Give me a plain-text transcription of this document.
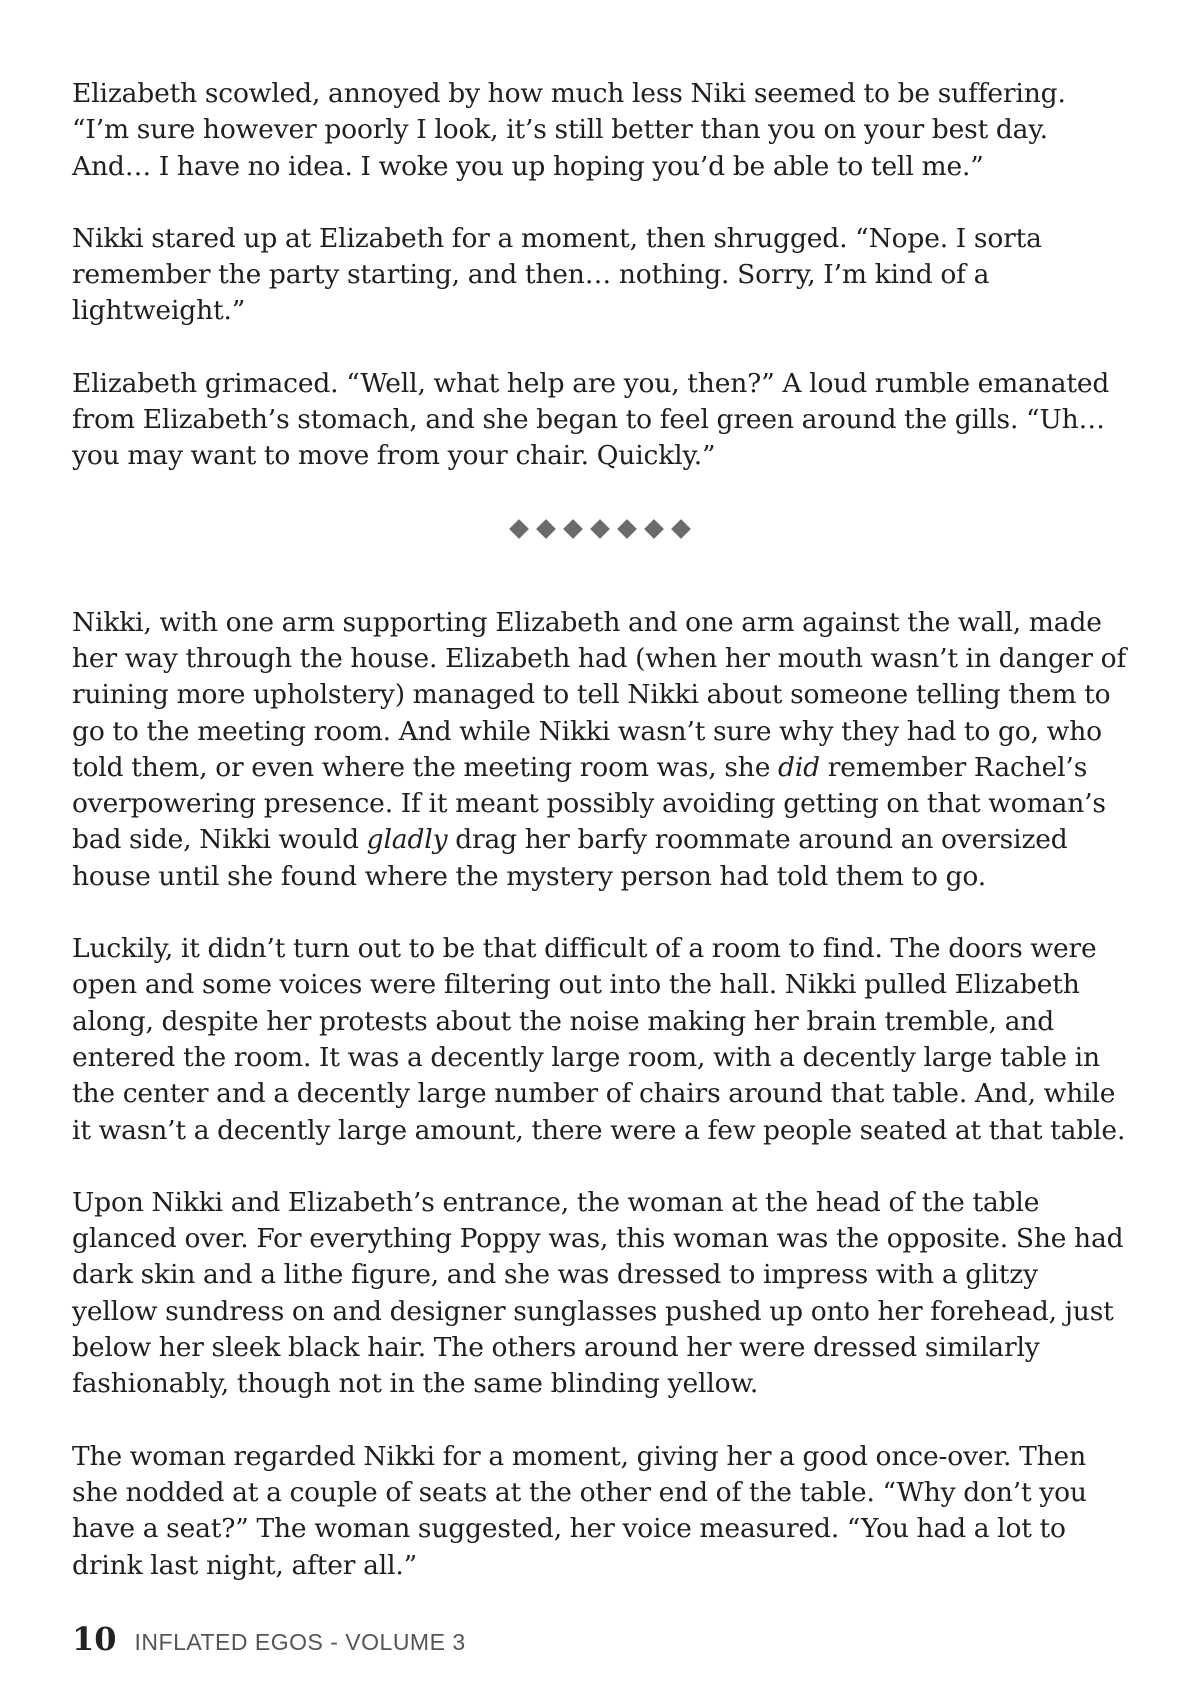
Elizabeth scowled, annoyed by how much less Niki seemed to be suffering. “I’m sure however poorly I look, it’s still better than you on your best day. And… I have no idea. I woke you up hoping you’d be able to tell me.”

Nikki stared up at Elizabeth for a moment, then shrugged. “Nope. I sorta remember the party starting, and then… nothing. Sorry, I’m kind of a lightweight.”

Elizabeth grimaced. “Well, what help are you, then?” A loud rumble emanated from Elizabeth’s stomach, and she began to feel green around the gills. “Uh… you may want to move from your chair. Quickly.”

Nikki, with one arm supporting Elizabeth and one arm against the wall, made her way through the house. Elizabeth had (when her mouth wasn’t in danger of ruining more upholstery) managed to tell Nikki about someone telling them to go to the meeting room. And while Nikki wasn’t sure why they had to go, who told them, or even where the meeting room was, she did remember Rachel’s overpowering presence. If it meant possibly avoiding getting on that woman’s bad side, Nikki would gladly drag her barfy roommate around an oversized house until she found where the mystery person had told them to go.

Luckily, it didn’t turn out to be that difficult of a room to find. The doors were open and some voices were filtering out into the hall. Nikki pulled Elizabeth along, despite her protests about the noise making her brain tremble, and entered the room. It was a decently large room, with a decently large table in the center and a decently large number of chairs around that table. And, while it wasn’t a decently large amount, there were a few people seated at that table.

Upon Nikki and Elizabeth’s entrance, the woman at the head of the table glanced over. For everything Poppy was, this woman was the opposite. She had dark skin and a lithe figure, and she was dressed to impress with a glitzy yellow sundress on and designer sunglasses pushed up onto her forehead, just below her sleek black hair. The others around her were dressed similarly fashionably, though not in the same blinding yellow.

The woman regarded Nikki for a moment, giving her a good once-over. Then she nodded at a couple of seats at the other end of the table. “Why don’t you have a seat?” The woman suggested, her voice measured. “You had a lot to drink last night, after all.”

10 INFLATED EGOS - VOLUME 3
